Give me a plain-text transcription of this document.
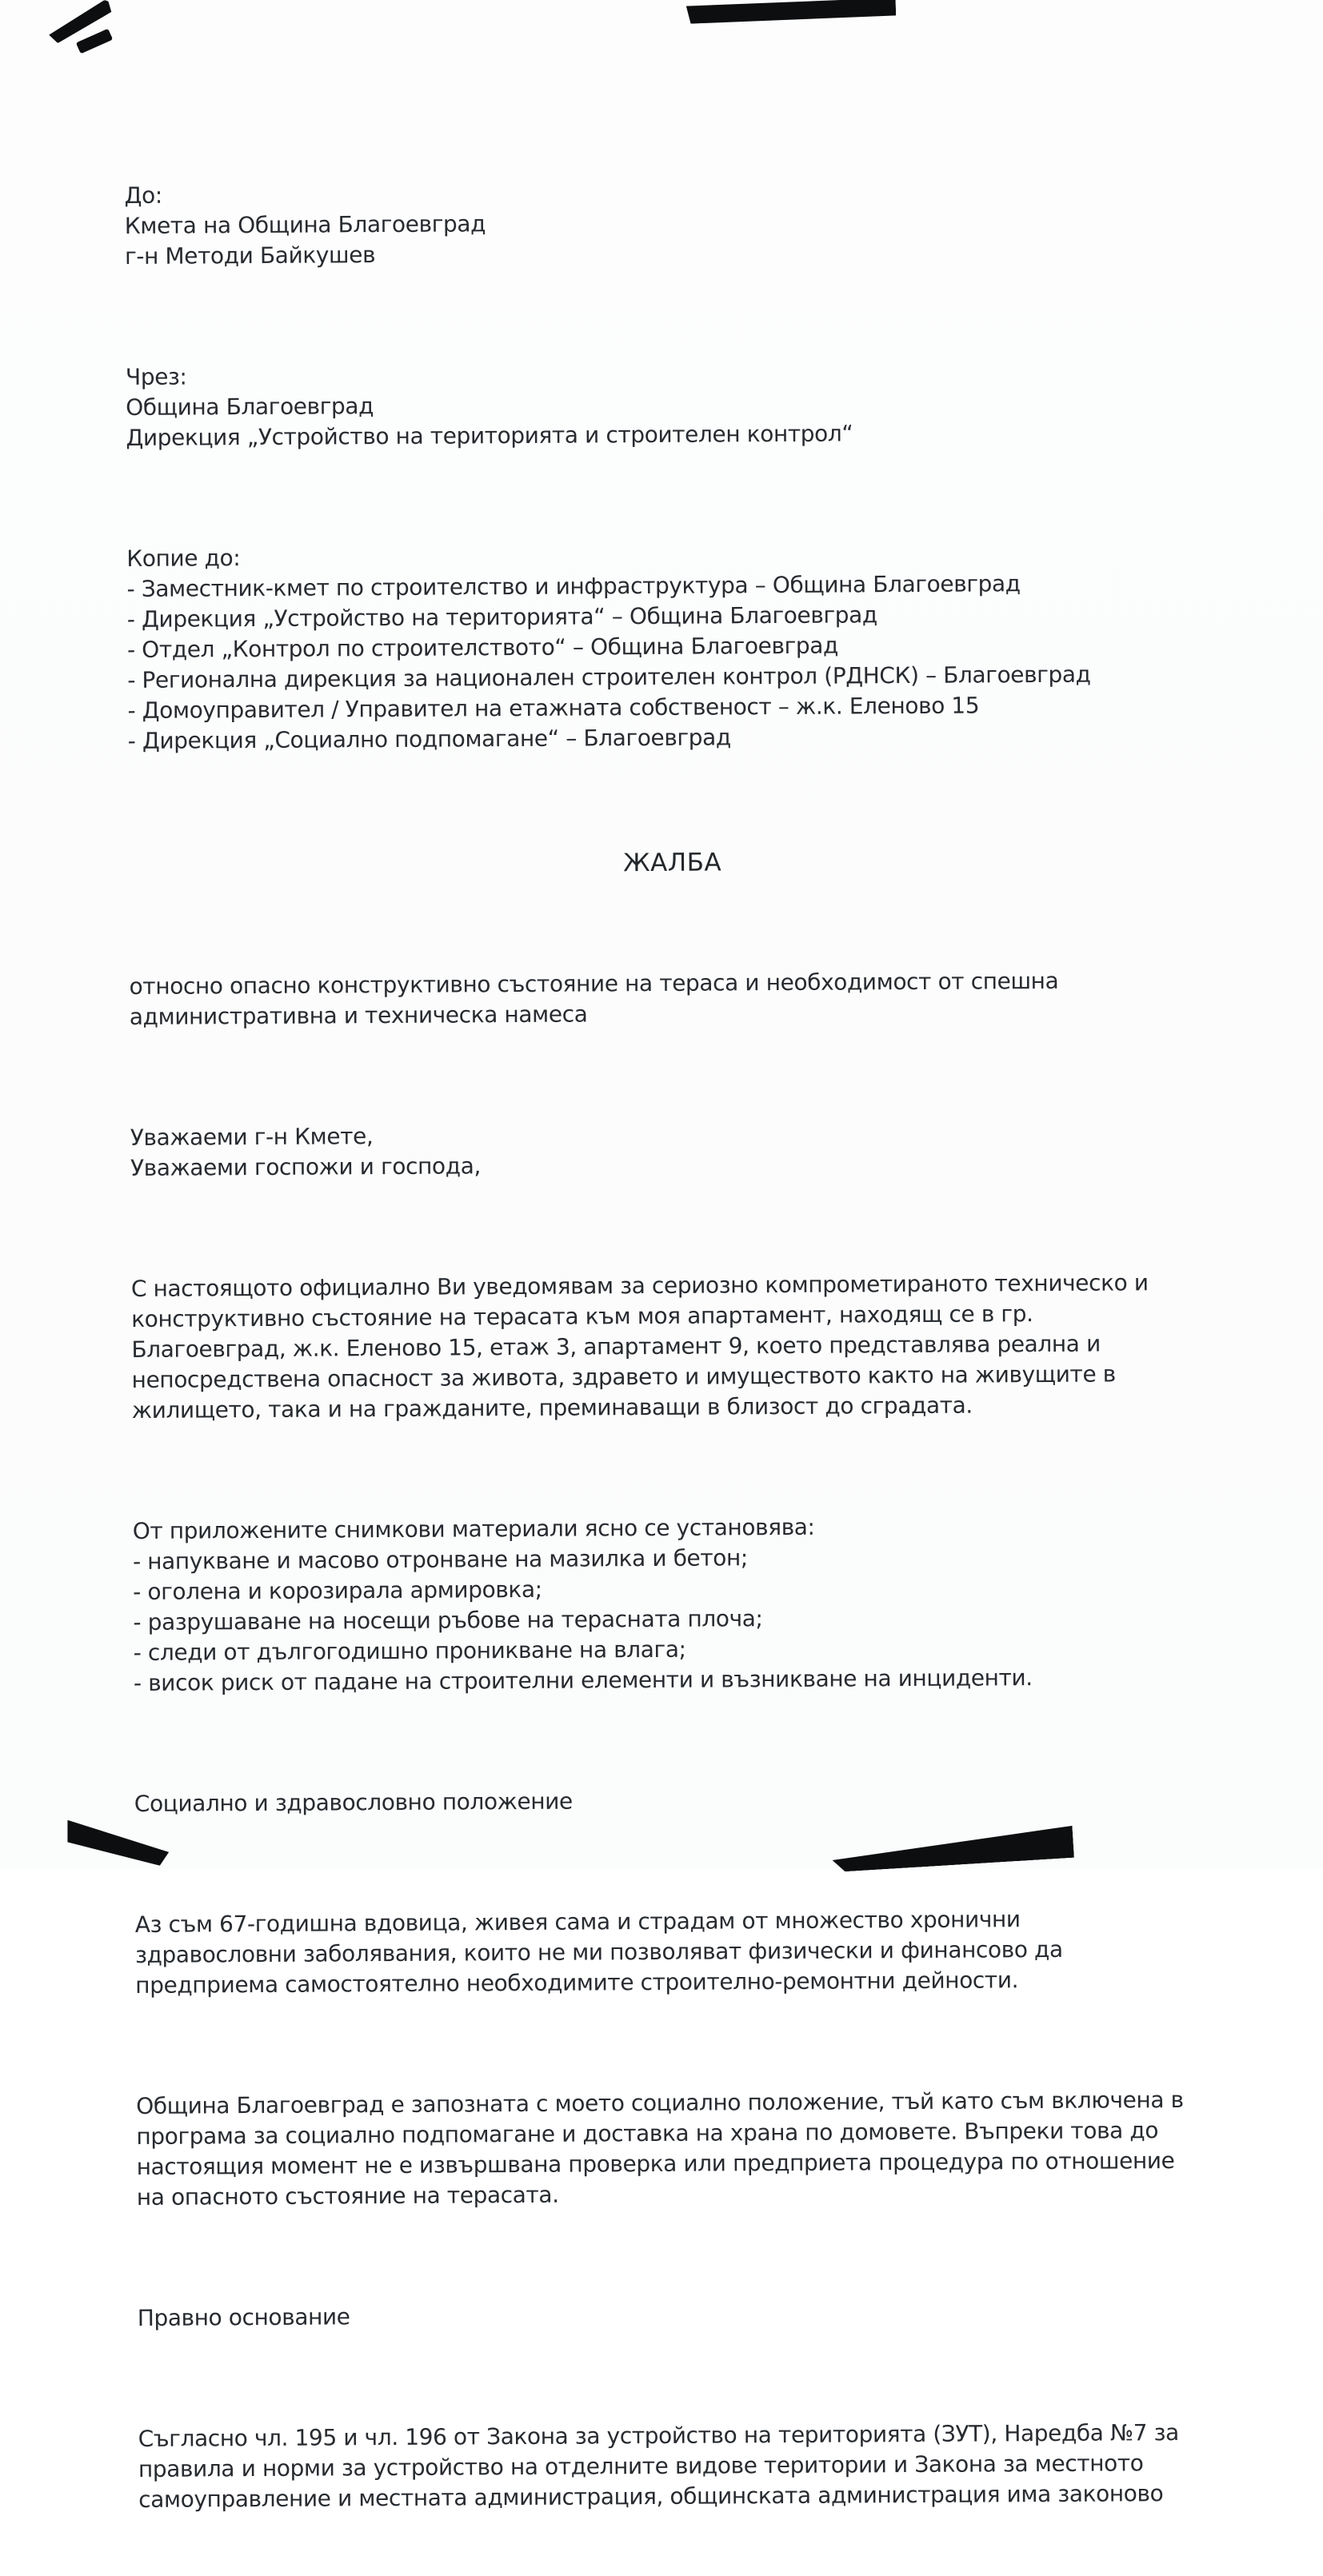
До:
Кмета на Община Благоевград
г-н Методи Байкушев

Чрез:
Община Благоевград
Дирекция „Устройство на територията и строителен контрол“

Копие до:
- Заместник-кмет по строителство и инфраструктура – Община Благоевград
- Дирекция „Устройство на територията“ – Община Благоевград
- Отдел „Контрол по строителството“ – Община Благоевград
- Регионална дирекция за национален строителен контрол (РДНСК) – Благоевград
- Домоуправител / Управител на етажната собственост – ж.к. Еленово 15
- Дирекция „Социално подпомагане“ – Благоевград

ЖАЛБА

относно опасно конструктивно състояние на тераса и необходимост от спешна
административна и техническа намеса

Уважаеми г-н Кмете,
Уважаеми госпожи и господа,

С настоящото официално Ви уведомявам за сериозно компрометираното техническо и
конструктивно състояние на терасата към моя апартамент, находящ се в гр.
Благоевград, ж.к. Еленово 15, етаж 3, апартамент 9, което представлява реална и
непосредствена опасност за живота, здравето и имуществото както на живущите в
жилището, така и на гражданите, преминаващи в близост до сградата.

От приложените снимкови материали ясно се установява:
- напукване и масово отронване на мазилка и бетон;
- оголена и корозирала армировка;
- разрушаване на носещи ръбове на терасната плоча;
- следи от дългогодишно проникване на влага;
- висок риск от падане на строителни елементи и възникване на инциденти.

Социално и здравословно положение

Аз съм 67-годишна вдовица, живея сама и страдам от множество хронични
здравословни заболявания, които не ми позволяват физически и финансово да
предприема самостоятелно необходимите строително-ремонтни дейности.

Община Благоевград е запозната с моето социално положение, тъй като съм включена в
програма за социално подпомагане и доставка на храна по домовете. Въпреки това до
настоящия момент не е извършвана проверка или предприета процедура по отношение
на опасното състояние на терасата.

Правно основание

Съгласно чл. 195 и чл. 196 от Закона за устройство на територията (ЗУТ), Наредба №7 за
правила и норми за устройство на отделните видове територии и Закона за местното
самоуправление и местната администрация, общинската администрация има законово
